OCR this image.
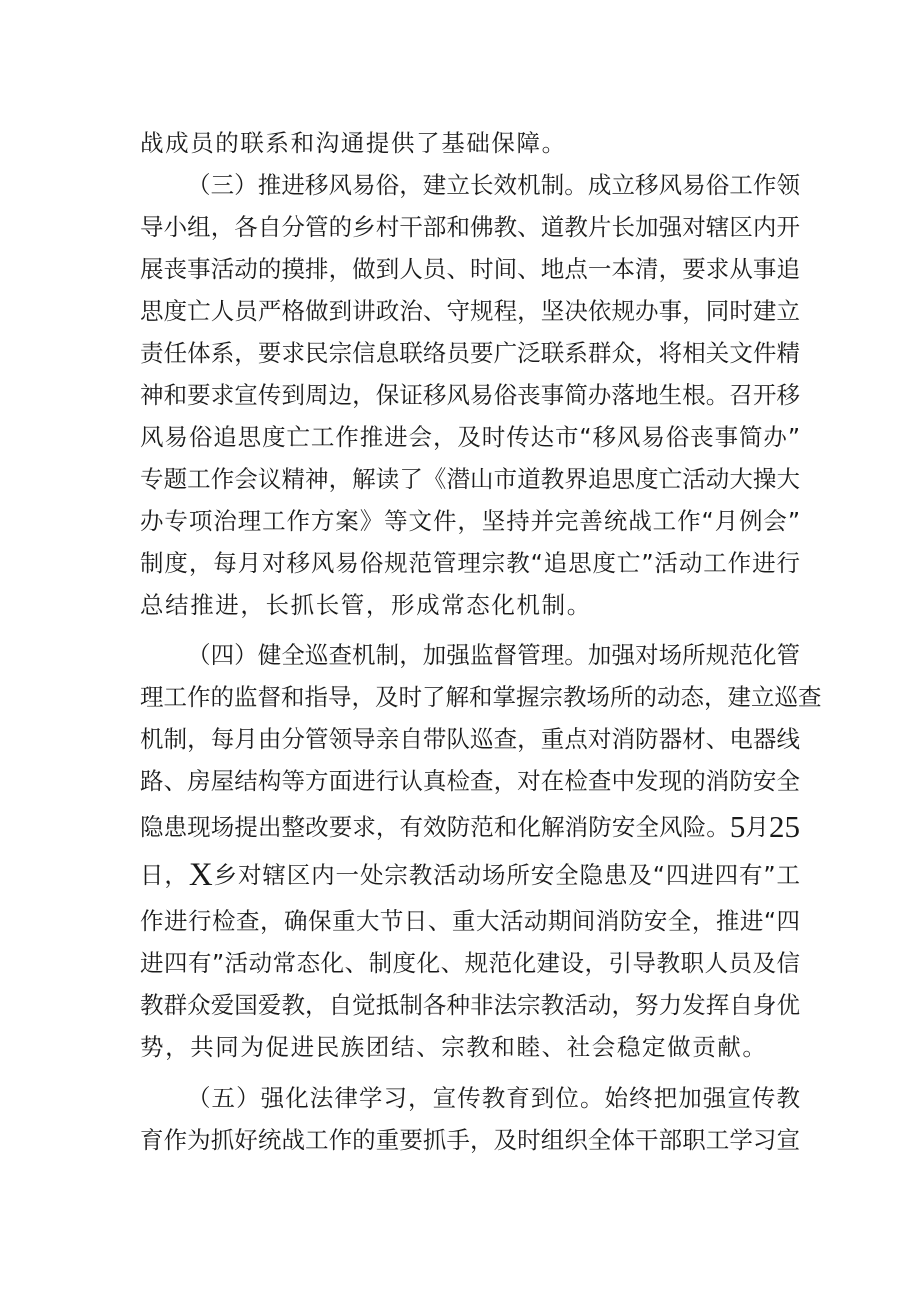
战成员的联系和沟通提供了基础保障。
（三）推进移风易俗，建立长效机制。成立移风易俗工作领
导小组，各自分管的乡村干部和佛教、道教片长加强对辖区内开
展丧事活动的摸排，做到人员、时间、地点一本清，要求从事追
思度亡人员严格做到讲政治、守规程，坚决依规办事，同时建立
责任体系，要求民宗信息联络员要广泛联系群众，将相关文件精
神和要求宣传到周边，保证移风易俗丧事简办落地生根。召开移
风易俗追思度亡工作推进会，及时传达市“移风易俗丧事简办”
专题工作会议精神，解读了《潜山市道教界追思度亡活动大操大
办专项治理工作方案》等文件，坚持并完善统战工作“月例会”
制度，每月对移风易俗规范管理宗教“追思度亡”活动工作进行
总结推进，长抓长管，形成常态化机制。
（四）健全巡查机制，加强监督管理。加强对场所规范化管
理工作的监督和指导，及时了解和掌握宗教场所的动态，建立巡查
机制，每月由分管领导亲自带队巡查，重点对消防器材、电器线
路、房屋结构等方面进行认真检查，对在检查中发现的消防安全
隐患现场提出整改要求，有效防范和化解消防安全风险。5月25
日，X乡对辖区内一处宗教活动场所安全隐患及“四进四有”工
作进行检查，确保重大节日、重大活动期间消防安全，推进“四
进四有”活动常态化、制度化、规范化建设，引导教职人员及信
教群众爱国爱教，自觉抵制各种非法宗教活动，努力发挥自身优
势，共同为促进民族团结、宗教和睦、社会稳定做贡献。
（五）强化法律学习，宣传教育到位。始终把加强宣传教
育作为抓好统战工作的重要抓手，及时组织全体干部职工学习宣
